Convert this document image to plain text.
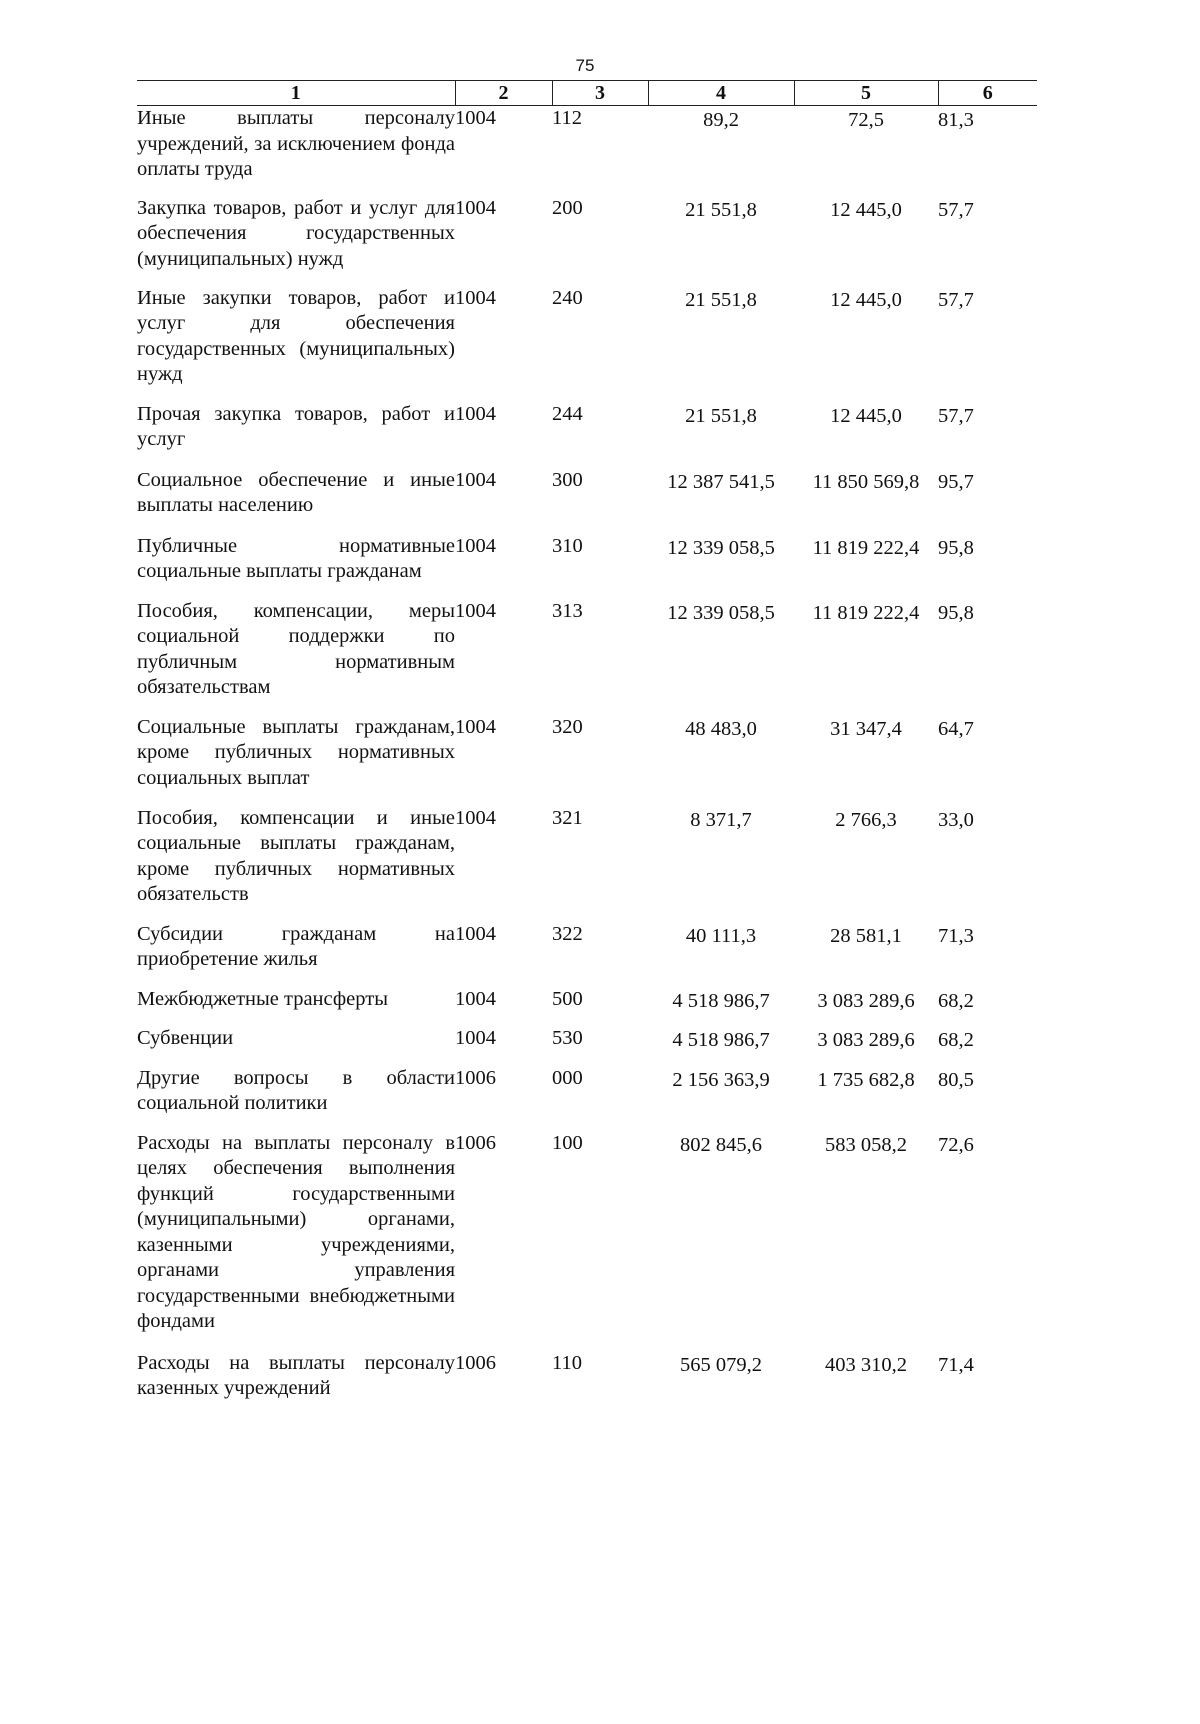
75
1	2	3	4	5	6

Иные выплаты персоналу учреждений, за исключением фонда оплаты труда	1004	112	89,2	72,5	81,3

Закупка товаров, работ и услуг для обеспечения государственных (муниципальных) нужд	1004	200	21 551,8	12 445,0	57,7

Иные закупки товаров, работ и услуг для обеспечения государственных (муниципальных) нужд	1004	240	21 551,8	12 445,0	57,7

Прочая закупка товаров, работ и услуг	1004	244	21 551,8	12 445,0	57,7

Социальное обеспечение и иные выплаты населению	1004	300	12 387 541,5	11 850 569,8	95,7

Публичные нормативные социальные выплаты гражданам	1004	310	12 339 058,5	11 819 222,4	95,8

Пособия, компенсации, меры социальной поддержки по публичным нормативным обязательствам	1004	313	12 339 058,5	11 819 222,4	95,8

Социальные выплаты гражданам, кроме публичных нормативных социальных выплат	1004	320	48 483,0	31 347,4	64,7

Пособия, компенсации и иные социальные выплаты гражданам, кроме публичных нормативных обязательств	1004	321	8 371,7	2 766,3	33,0

Субсидии гражданам на приобретение жилья	1004	322	40 111,3	28 581,1	71,3

Межбюджетные трансферты	1004	500	4 518 986,7	3 083 289,6	68,2

Субвенции	1004	530	4 518 986,7	3 083 289,6	68,2

Другие вопросы в области социальной политики	1006	000	2 156 363,9	1 735 682,8	80,5

Расходы на выплаты персоналу в целях обеспечения выполнения функций государственными (муниципальными) органами, казенными учреждениями, органами управления государственными внебюджетными фондами	1006	100	802 845,6	583 058,2	72,6

Расходы на выплаты персоналу казенных учреждений	1006	110	565 079,2	403 310,2	71,4
